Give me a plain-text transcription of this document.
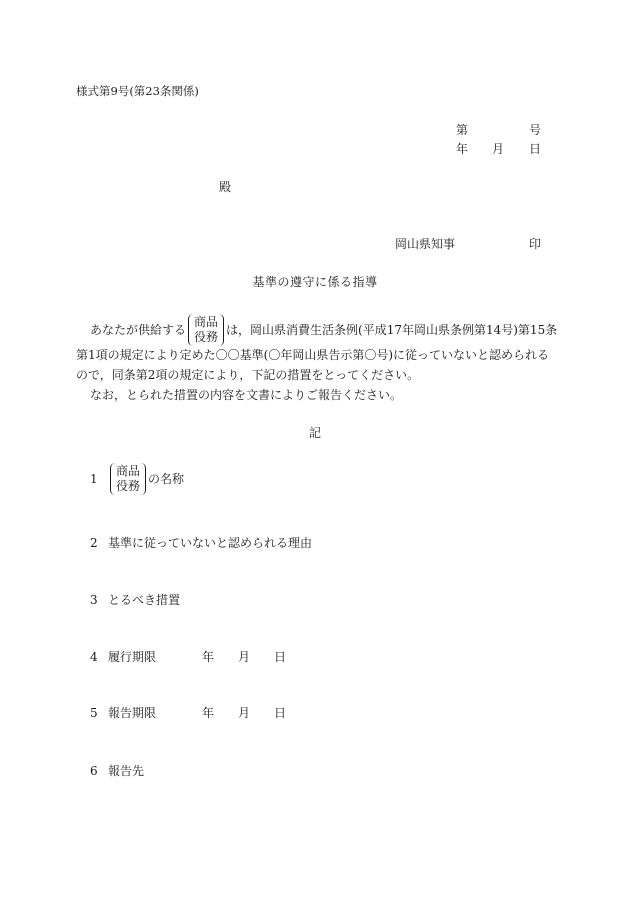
様式第9号(第23条関係)
第	号
年 月 日
殿
岡山県知事	印
基準の遵守に係る指導
あなたが供給する
商品
役務 は，岡山県消費生活条例(平成17年岡山県条例第14号)第15条
第1項の規定により定めた〇〇基準(〇年岡山県告示第〇号)に従っていないと認められる
ので，同条第2項の規定により，下記の措置をとってください。
なお，とられた措置の内容を文書によりご報告ください。
記
1
商品
役務 の名称
2 基準に従っていないと認められる理由
3 とるべき措置
4 履行期限	年 月 日
5 報告期限	年 月 日
6 報告先
